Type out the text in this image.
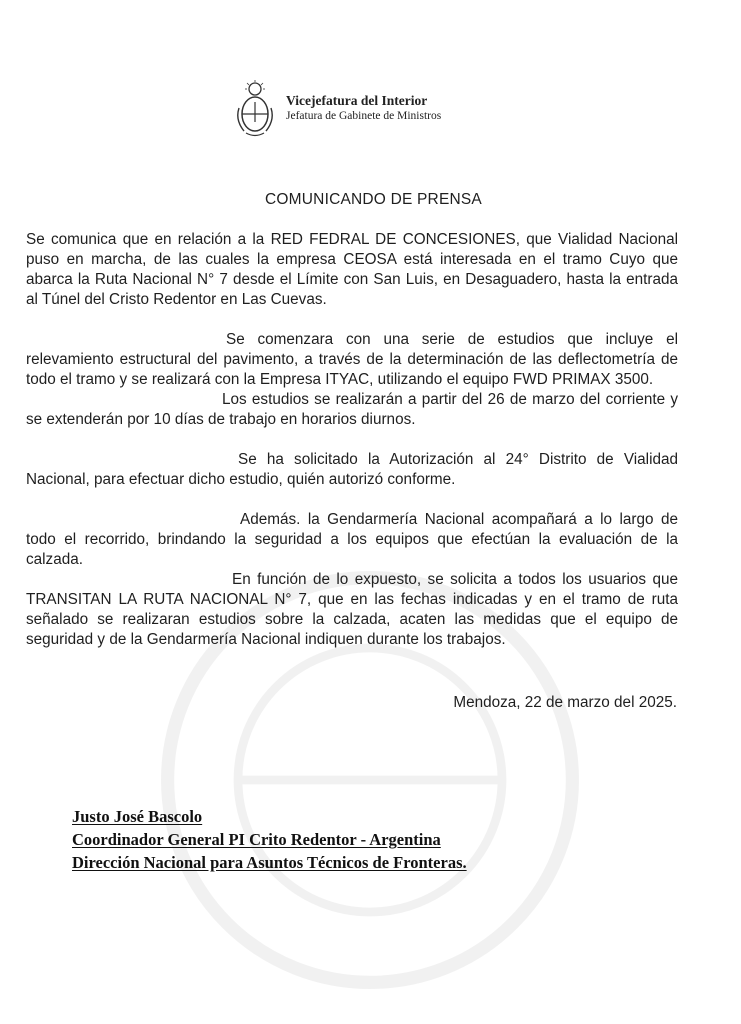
Vicejefatura del Interior
Jefatura de Gabinete de Ministros
COMUNICANDO DE PRENSA

Se comunica que en relación a la RED FEDRAL DE CONCESIONES, que Vialidad Nacional puso en marcha, de las cuales la empresa CEOSA está interesada en el tramo Cuyo que abarca la Ruta Nacional N° 7 desde el Límite con San Luis, en Desaguadero, hasta la entrada al Túnel del Cristo Redentor en Las Cuevas.

Se comenzara con una serie de estudios que incluye el relevamiento estructural del pavimento, a través de la determinación de las deflectometría de todo el tramo y se realizará con la Empresa ITYAC, utilizando el equipo FWD PRIMAX 3500.

Los estudios se realizarán a partir del 26 de marzo del corriente y se extenderán por 10 días de trabajo en horarios diurnos.

Se ha solicitado la Autorización al 24° Distrito de Vialidad Nacional, para efectuar dicho estudio, quién autorizó conforme.

Además. la Gendarmería Nacional acompañará a lo largo de todo el recorrido, brindando la seguridad a los equipos que efectúan la evaluación de la calzada.

En función de lo expuesto, se solicita a todos los usuarios que TRANSITAN LA RUTA NACIONAL N° 7, que en las fechas indicadas y en el tramo de ruta señalado se realizaran estudios sobre la calzada, acaten las medidas que el equipo de seguridad y de la Gendarmería Nacional indiquen durante los trabajos.

Mendoza, 22 de marzo del 2025.
Justo José Bascolo
Coordinador General PI Crito Redentor - Argentina
Dirección Nacional para Asuntos Técnicos de Fronteras.
